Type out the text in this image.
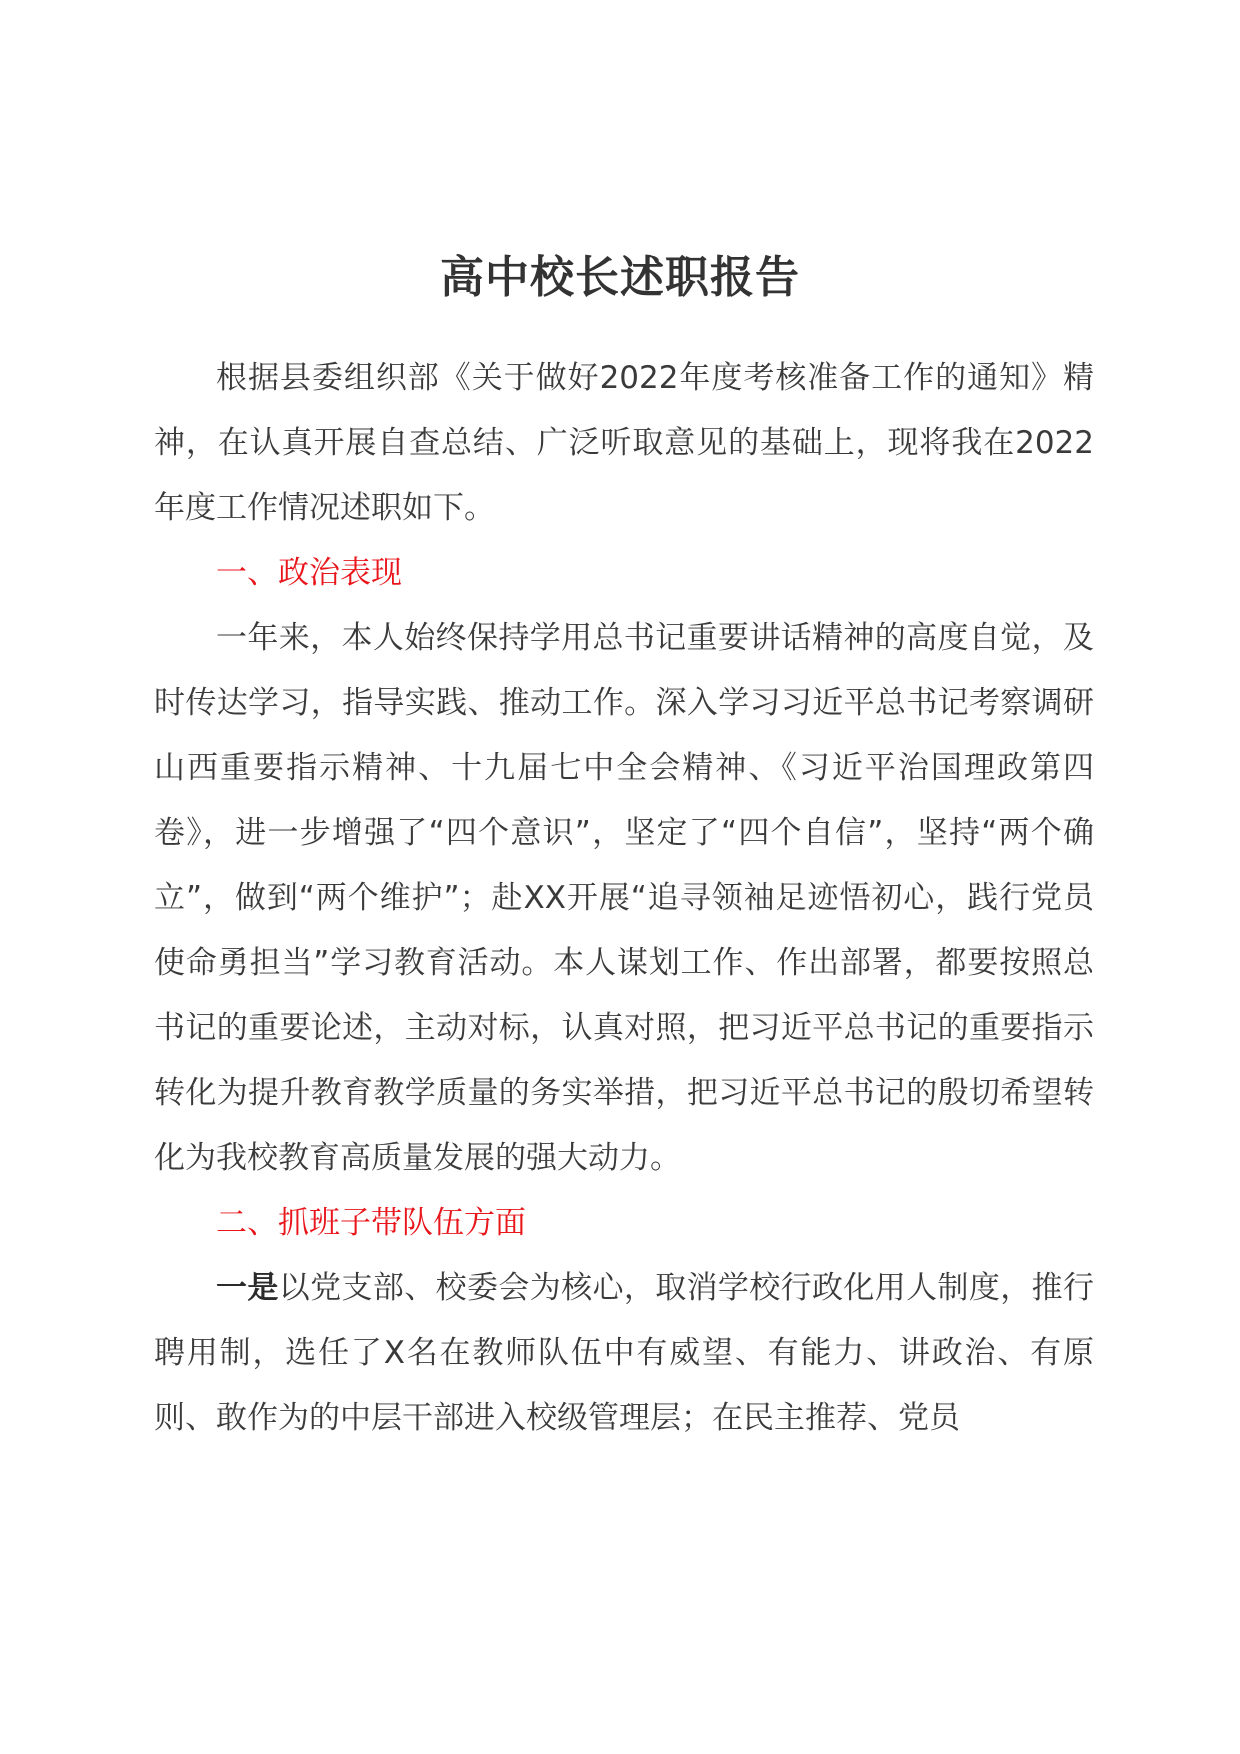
高中校长述职报告

根据县委组织部《关于做好2022年度考核准备工作的通知》精神，在认真开展自查总结、广泛听取意见的基础上，现将我在2022年度工作情况述职如下。

一、政治表现

一年来，本人始终保持学用总书记重要讲话精神的高度自觉，及时传达学习，指导实践、推动工作。深入学习习近平总书记考察调研山西重要指示精神、十九届七中全会精神、《习近平治国理政第四卷》，进一步增强了“四个意识”，坚定了“四个自信”，坚持“两个确立”，做到“两个维护”；赴XX开展“追寻领袖足迹悟初心，践行党员使命勇担当”学习教育活动。本人谋划工作、作出部署，都要按照总书记的重要论述，主动对标，认真对照，把习近平总书记的重要指示转化为提升教育教学质量的务实举措，把习近平总书记的殷切希望转化为我校教育高质量发展的强大动力。

二、抓班子带队伍方面

一是以党支部、校委会为核心，取消学校行政化用人制度，推行聘用制，选任了X名在教师队伍中有威望、有能力、讲政治、有原则、敢作为的中层干部进入校级管理层；在民主推荐、党员
